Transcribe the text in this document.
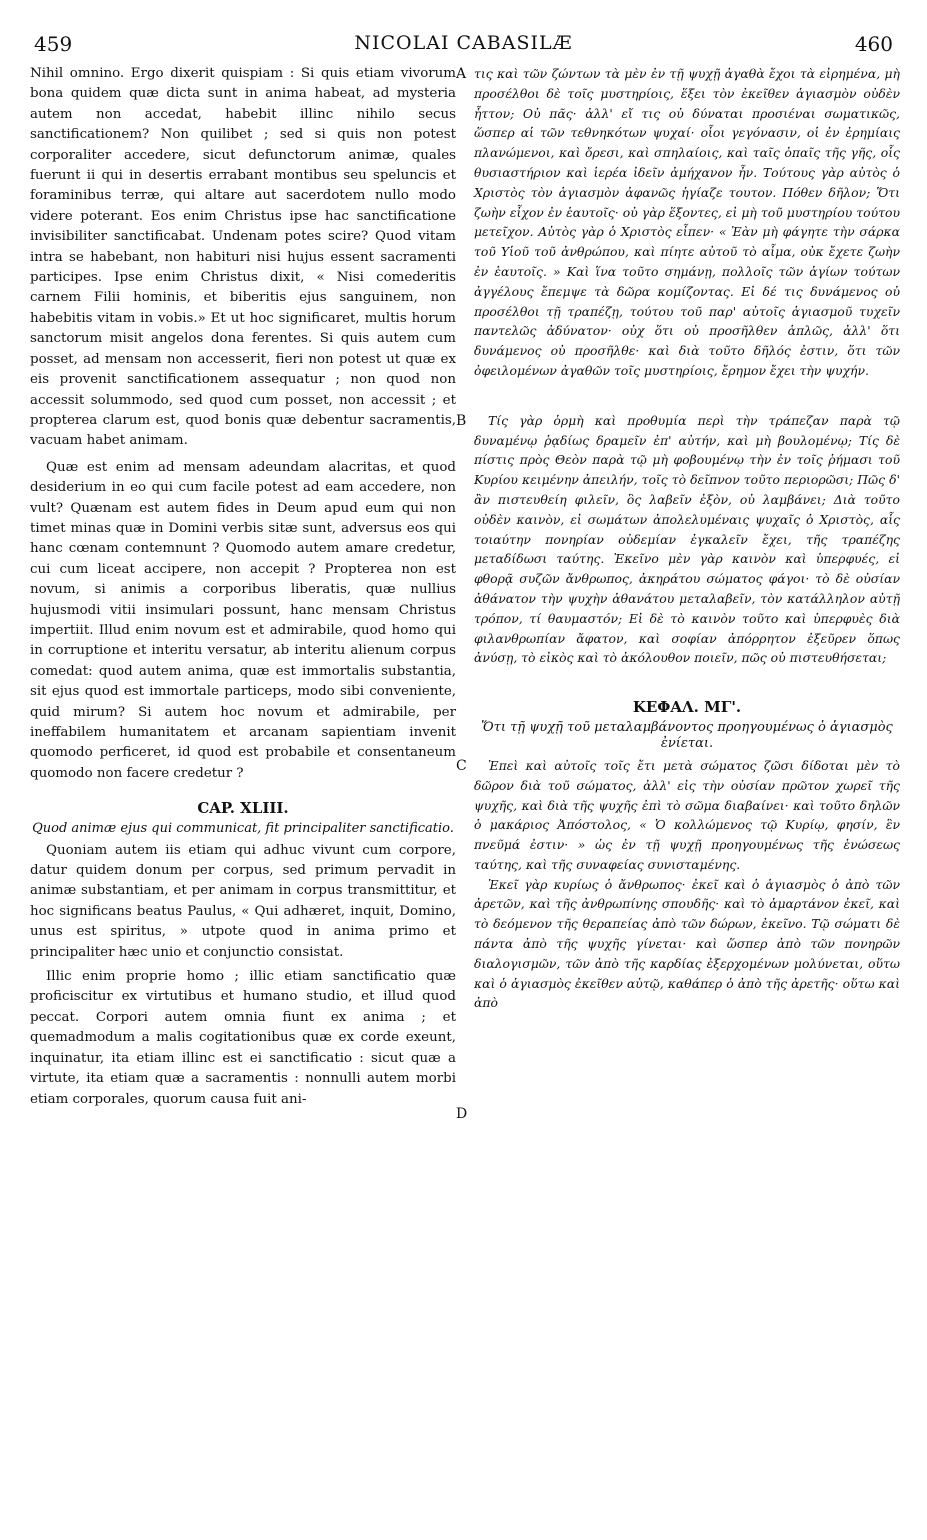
459	NICOLAI CABASILÆ	460
A
B
C
D

Nihil omnino. Ergo dixerit quispiam : Si quis etiam vivorum bona quidem quæ dicta sunt in anima habeat, ad mysteria autem non accedat, habebit illinc nihilo secus sanctificationem? Non quilibet ; sed si quis non potest corporaliter accedere, sicut defunctorum animæ, quales fuerunt ii qui in desertis errabant montibus seu speluncis et foraminibus terræ, qui altare aut sacerdotem nullo modo videre poterant. Eos enim Christus ipse hac sanctificatione invisibiliter sanctificabat. Undenam potes scire? Quod vitam intra se habebant, non habituri nisi hujus essent sacramenti participes. Ipse enim Christus dixit, « Nisi comederitis carnem Filii hominis, et biberitis ejus sanguinem, non habebitis vitam in vobis.» Et ut hoc significaret, multis horum sanctorum misit angelos dona ferentes. Si quis autem cum posset, ad mensam non accesserit, fieri non potest ut quæ ex eis provenit sanctificationem assequatur ; non quod non accessit solummodo, sed quod cum posset, non accessit ; et propterea clarum est, quod bonis quæ debentur sacramentis, vacuam habet animam.

Quæ est enim ad mensam adeundam alacritas, et quod desiderium in eo qui cum facile potest ad eam accedere, non vult? Quænam est autem fides in Deum apud eum qui non timet minas quæ in Domini verbis sitæ sunt, adversus eos qui hanc cœnam contemnunt ? Quomodo autem amare credetur, cui cum liceat accipere, non accepit ? Propterea non est novum, si animis a corporibus liberatis, quæ nullius hujusmodi vitii insimulari possunt, hanc mensam Christus impertiit. Illud enim novum est et admirabile, quod homo qui in corruptione et interitu versatur, ab interitu alienum corpus comedat: quod autem anima, quæ est immortalis substantia, sit ejus quod est immortale particeps, modo sibi conveniente, quid mirum? Si autem hoc novum et admirabile, per ineffabilem humanitatem et arcanam sapientiam invenit quomodo perficeret, id quod est probabile et consentaneum quomodo non facere credetur ?

CAP. XLIII.
Quod animæ ejus qui communicat, fit principaliter sanctificatio.

Quoniam autem iis etiam qui adhuc vivunt cum corpore, datur quidem donum per corpus, sed primum pervadit in animæ substantiam, et per animam in corpus transmittitur, et hoc significans beatus Paulus, « Qui adhæret, inquit, Domino, unus est spiritus, » utpote quod in anima primo et principaliter hæc unio et conjunctio consistat.

Illic enim proprie homo ; illic etiam sanctificatio quæ proficiscitur ex virtutibus et humano studio, et illud quod peccat. Corpori autem omnia fiunt ex anima ; et quemadmodum a malis cogitationibus quæ ex corde exeunt, inquinatur, ita etiam illinc est ei sanctificatio : sicut quæ a virtute, ita etiam quæ a sacramentis : nonnulli autem morbi etiam corporales, quorum causa fuit ani-

τις καὶ τῶν ζώντων τὰ μὲν ἐν τῇ ψυχῇ ἀγαθὰ ἔχοι τὰ εἰρημένα, μὴ προσέλθοι δὲ τοῖς μυστηρίοις, ἕξει τὸν ἐκεῖθεν ἁγιασμὸν οὐδὲν ἧττον; Οὐ πᾶς· ἀλλ' εἴ τις οὐ δύναται προσιέναι σωματικῶς, ὥσπερ αἱ τῶν τεθνηκότων ψυχαί· οἷοι γεγόνασιν, οἱ ἐν ἐρημίαις πλανώμενοι, καὶ ὄρεσι, καὶ σπηλαίοις, καὶ ταῖς ὀπαῖς τῆς γῆς, οἷς θυσιαστήριον καὶ ἱερέα ἰδεῖν ἀμήχανον ἦν. Τούτους γὰρ αὐτὸς ὁ Χριστὸς τὸν ἁγιασμὸν ἀφανῶς ἡγίαζε τουτον. Πόθεν δῆλον; Ὅτι ζωὴν εἶχον ἐν ἑαυτοῖς· οὐ γὰρ ἕξοντες, εἰ μὴ τοῦ μυστηρίου τούτου μετεῖχον. Αὐτὸς γὰρ ὁ Χριστὸς εἶπεν· « Ἐὰν μὴ φάγητε τὴν σάρκα τοῦ Υἱοῦ τοῦ ἀνθρώπου, καὶ πίητε αὐτοῦ τὸ αἷμα, οὐκ ἔχετε ζωὴν ἐν ἑαυτοῖς. » Καὶ ἵνα τοῦτο σημάνῃ, πολλοῖς τῶν ἁγίων τούτων ἀγγέλους ἔπεμψε τὰ δῶρα κομίζοντας. Εἰ δέ τις δυνάμενος οὐ προσέλθοι τῇ τραπέζῃ, τούτου τοῦ παρ' αὐτοῖς ἁγιασμοῦ τυχεῖν παντελῶς ἀδύνατον· οὐχ ὅτι οὐ προσῆλθεν ἁπλῶς, ἀλλ' ὅτι δυνάμενος οὐ προσῆλθε· καὶ διὰ τοῦτο δῆλός ἐστιν, ὅτι τῶν ὀφειλομένων ἀγαθῶν τοῖς μυστηρίοις, ἔρημον ἔχει τὴν ψυχήν.

Τίς γὰρ ὁρμὴ καὶ προθυμία περὶ τὴν τράπεζαν παρὰ τῷ δυναμένῳ ῥᾳδίως δραμεῖν ἐπ' αὐτήν, καὶ μὴ βουλομένῳ; Τίς δὲ πίστις πρὸς Θεὸν παρὰ τῷ μὴ φοβουμένῳ τὴν ἐν τοῖς ῥήμασι τοῦ Κυρίου κειμένην ἀπειλήν, τοῖς τὸ δεῖπνον τοῦτο περιορῶσι; Πῶς δ' ἂν πιστευθείη φιλεῖν, ὃς λαβεῖν ἐξὸν, οὐ λαμβάνει; Διὰ τοῦτο οὐδὲν καινὸν, εἰ σωμάτων ἀπολελυμέναις ψυχαῖς ὁ Χριστὸς, αἷς τοιαύτην πονηρίαν οὐδεμίαν ἐγκαλεῖν ἔχει, τῆς τραπέζης μεταδίδωσι ταύτης. Ἐκεῖνο μὲν γὰρ καινὸν καὶ ὑπερφυές, εἰ φθορᾷ συζῶν ἄνθρωπος, ἀκηράτου σώματος φάγοι· τὸ δὲ οὐσίαν ἀθάνατον τὴν ψυχὴν ἀθανάτου μεταλαβεῖν, τὸν κατάλληλον αὐτῇ τρόπον, τί θαυμαστόν; Εἰ δὲ τὸ καινὸν τοῦτο καὶ ὑπερφυὲς διὰ φιλανθρωπίαν ἄφατον, καὶ σοφίαν ἀπόρρητον ἐξεῦρεν ὅπως ἀνύσῃ, τὸ εἰκὸς καὶ τὸ ἀκόλουθον ποιεῖν, πῶς οὐ πιστευθήσεται;

ΚΕΦΑΛ. ΜΓ'.
Ὅτι τῇ ψυχῇ τοῦ μεταλαμβάνοντος προηγουμένως ὁ ἁγιασμὸς ἐνίεται.

Ἐπεὶ καὶ αὐτοῖς τοῖς ἔτι μετὰ σώματος ζῶσι δίδοται μὲν τὸ δῶρον διὰ τοῦ σώματος, ἀλλ' εἰς τὴν οὐσίαν πρῶτον χωρεῖ τῆς ψυχῆς, καὶ διὰ τῆς ψυχῆς ἐπὶ τὸ σῶμα διαβαίνει· καὶ τοῦτο δηλῶν ὁ μακάριος Ἀπόστολος, « Ὁ κολλώμενος τῷ Κυρίῳ, φησίν, ἓν πνεῦμά ἐστιν· » ὡς ἐν τῇ ψυχῇ προηγουμένως τῆς ἑνώσεως ταύτης, καὶ τῆς συναφείας συνισταμένης.

Ἐκεῖ γὰρ κυρίως ὁ ἄνθρωπος· ἐκεῖ καὶ ὁ ἁγιασμὸς ὁ ἀπὸ τῶν ἀρετῶν, καὶ τῆς ἀνθρωπίνης σπουδῆς· καὶ τὸ ἁμαρτάνον ἐκεῖ, καὶ τὸ δεόμενον τῆς θεραπείας ἀπὸ τῶν δώρων, ἐκεῖνο. Τῷ σώματι δὲ πάντα ἀπὸ τῆς ψυχῆς γίνεται· καὶ ὥσπερ ἀπὸ τῶν πονηρῶν διαλογισμῶν, τῶν ἀπὸ τῆς καρδίας ἐξερχομένων μολύνεται, οὕτω καὶ ὁ ἁγιασμὸς ἐκεῖθεν αὐτῷ, καθάπερ ὁ ἀπὸ τῆς ἀρετῆς· οὕτω καὶ ἀπὸ
